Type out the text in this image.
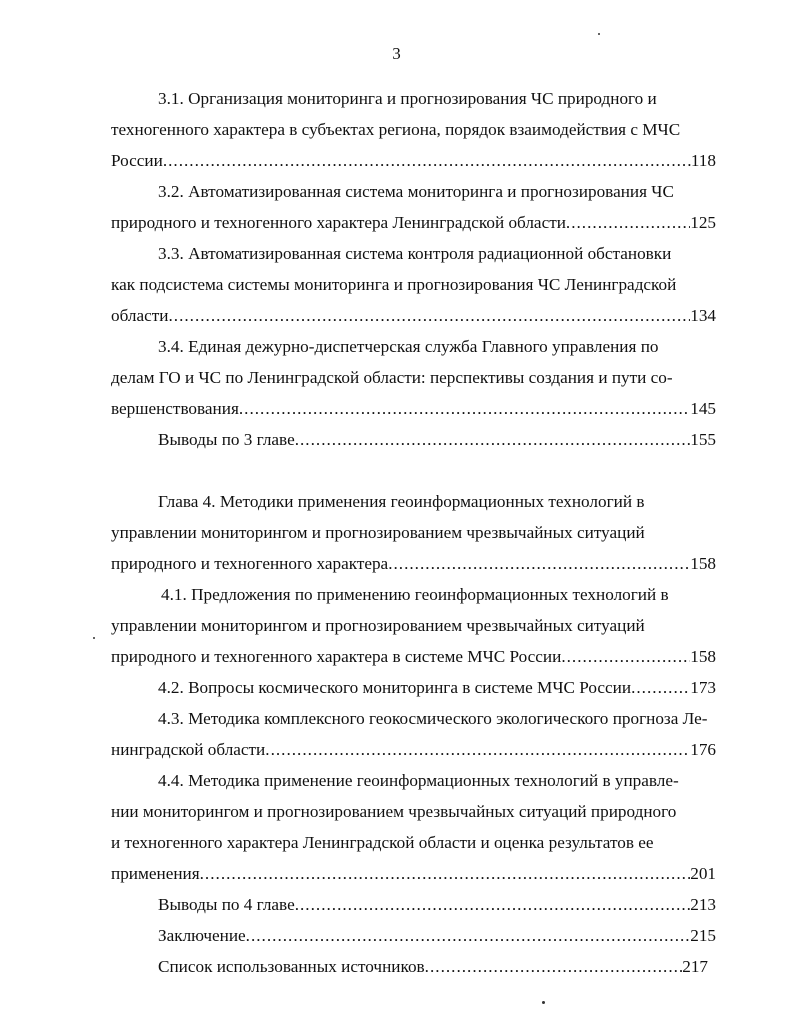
3
3.1. Организация мониторинга и прогнозирования ЧС природного и
техногенного характера в субъектах региона, порядок взаимодействия с МЧС
России .....	118
3.2. Автоматизированная система мониторинга и прогнозирования ЧС
природного и техногенного характера Ленинградской области .....	125
3.3. Автоматизированная система контроля радиационной обстановки
как подсистема системы мониторинга и прогнозирования ЧС Ленинградской
области .....	134
3.4. Единая дежурно-диспетчерская служба Главного управления по
делам ГО и ЧС по Ленинградской области: перспективы создания и пути со-
вершенствования .....	145
Выводы по 3 главе .....	155
Глава 4. Методики применения геоинформационных технологий в
управлении мониторингом и прогнозированием чрезвычайных ситуаций
природного и техногенного характера .....	158
4.1. Предложения по применению геоинформационных технологий в
управлении мониторингом и прогнозированием чрезвычайных ситуаций
природного и техногенного характера в системе МЧС России .....	158
4.2. Вопросы космического мониторинга в системе МЧС России .....	173
4.3. Методика комплексного геокосмического экологического прогноза Ле-
нинградской области .....	176
4.4. Методика применение геоинформационных технологий в управле-
нии мониторингом и прогнозированием чрезвычайных ситуаций природного
и техногенного характера Ленинградской области и оценка результатов ее
применения .....	201
Выводы по 4 главе .....	213
Заключение .....	215
Список использованных источников .....	217
